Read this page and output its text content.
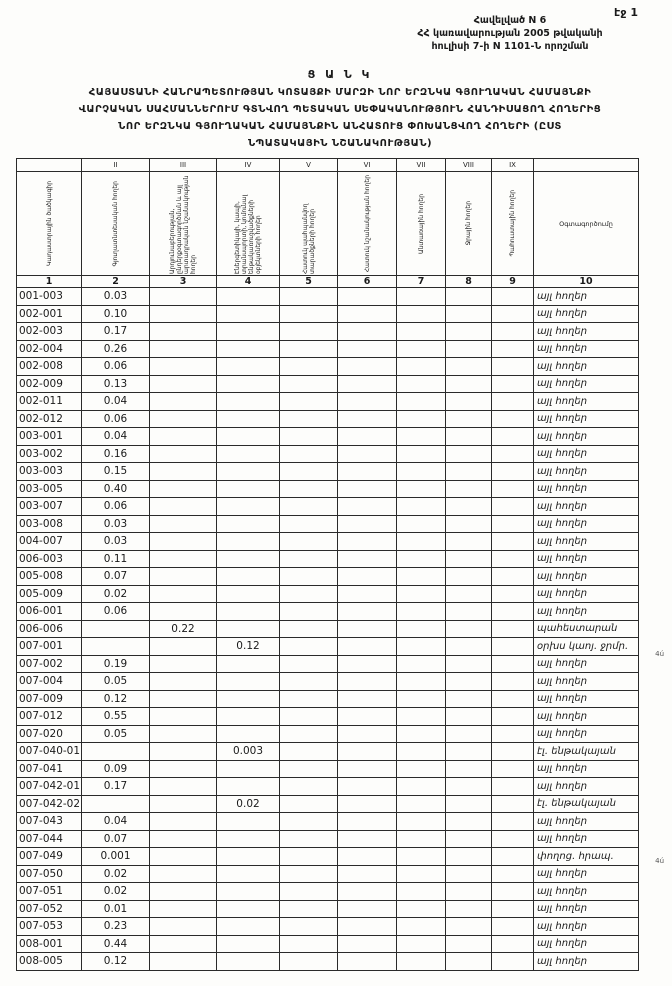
էջ 1
Հավելված N 6
ՀՀ կառավարության 2005 թվականի
հուլիսի 7-ի N 1101-Ն որոշման
Ց Ա Ն Կ
ՀԱՅԱՍՏԱՆԻ ՀԱՆՐԱՊԵՏՈՒԹՅԱՆ ԿՈՏԱՅՔԻ ՄԱՐԶԻ ՆՈՐ ԵՐԶՆԿԱ ԳՅՈՒՂԱԿԱՆ ՀԱՄԱՅՆՔԻ
ՎԱՐՉԱԿԱՆ ՍԱՀՄԱՆՆԵՐՈՒՄ ԳՏՆՎՈՂ ՊԵՏԱԿԱՆ ՍԵՓԱԿԱՆՈՒԹՅՈՒՆ ՀԱՆԴԻՍԱՑՈՂ ՀՈՂԵՐԻՑ
ՆՈՐ ԵՐԶՆԿԱ ԳՅՈՒՂԱԿԱՆ ՀԱՄԱՅՆՔԻՆ ԱՆՀԱՏՈՒՑ ՓՈԽԱՆՑՎՈՂ ՀՈՂԵՐԻ (ԸՍՏ
ՆՊԱՏԱԿԱՅԻՆ ՆՇԱՆԱԿՈՒԹՅԱՆ)
	II	III	IV	V	VI	VII	VIII	IX	

Կադաստրային ծածկագիր	Գյուղատնտեսական հողեր	Արդյունաբերության, ընդերքօգտագործման և այլ արտադրական նշանակության հողեր	Էներգետիկայի, կապի, տրանսպորտի, կոմունալ ենթակառուցվածքների օբյեկտների հողեր	Հատուկ պահպանվող տարածքների հողեր	Հատուկ նշանակության հողեր	Անտառային հողեր	Ջրային հողեր	Պահուստային հողեր	Օգտագործումը

1	2	3	4	5	6	7	8	9	10
001-003	0.03								այլ հողեր
002-001	0.10								այլ հողեր
002-003	0.17								այլ հողեր
002-004	0.26								այլ հողեր
002-008	0.06								այլ հողեր
002-009	0.13								այլ հողեր
002-011	0.04								այլ հողեր
002-012	0.06								այլ հողեր
003-001	0.04								այլ հողեր
003-002	0.16								այլ հողեր
003-003	0.15								այլ հողեր
003-005	0.40								այլ հողեր
003-007	0.06								այլ հողեր
003-008	0.03								այլ հողեր
004-007	0.03								այլ հողեր
006-003	0.11								այլ հողեր
005-008	0.07								այլ հողեր
005-009	0.02								այլ հողեր
006-001	0.06								այլ հողեր
006-006		0.22							պահեստարան
007-001			0.12						օրխս կաոյ. ջրմր.
007-002	0.19								այլ հողեր
007-004	0.05								այլ հողեր
007-009	0.12								այլ հողեր
007-012	0.55								այլ հողեր
007-020	0.05								այլ հողեր
007-040-01			0.003						էլ. ենթակայան
007-041	0.09								այլ հողեր
007-042-01	0.17								այլ հողեր
007-042-02			0.02						էլ. ենթակայան
007-043	0.04								այլ հողեր
007-044	0.07								այլ հողեր
007-049	0.001								փողոց. հրապ.
007-050	0.02								այլ հողեր
007-051	0.02								այլ հողեր
007-052	0.01								այլ հողեր
007-053	0.23								այլ հողեր
008-001	0.44								այլ հողեր
008-005	0.12								այլ հողեր
4ú
4ú
